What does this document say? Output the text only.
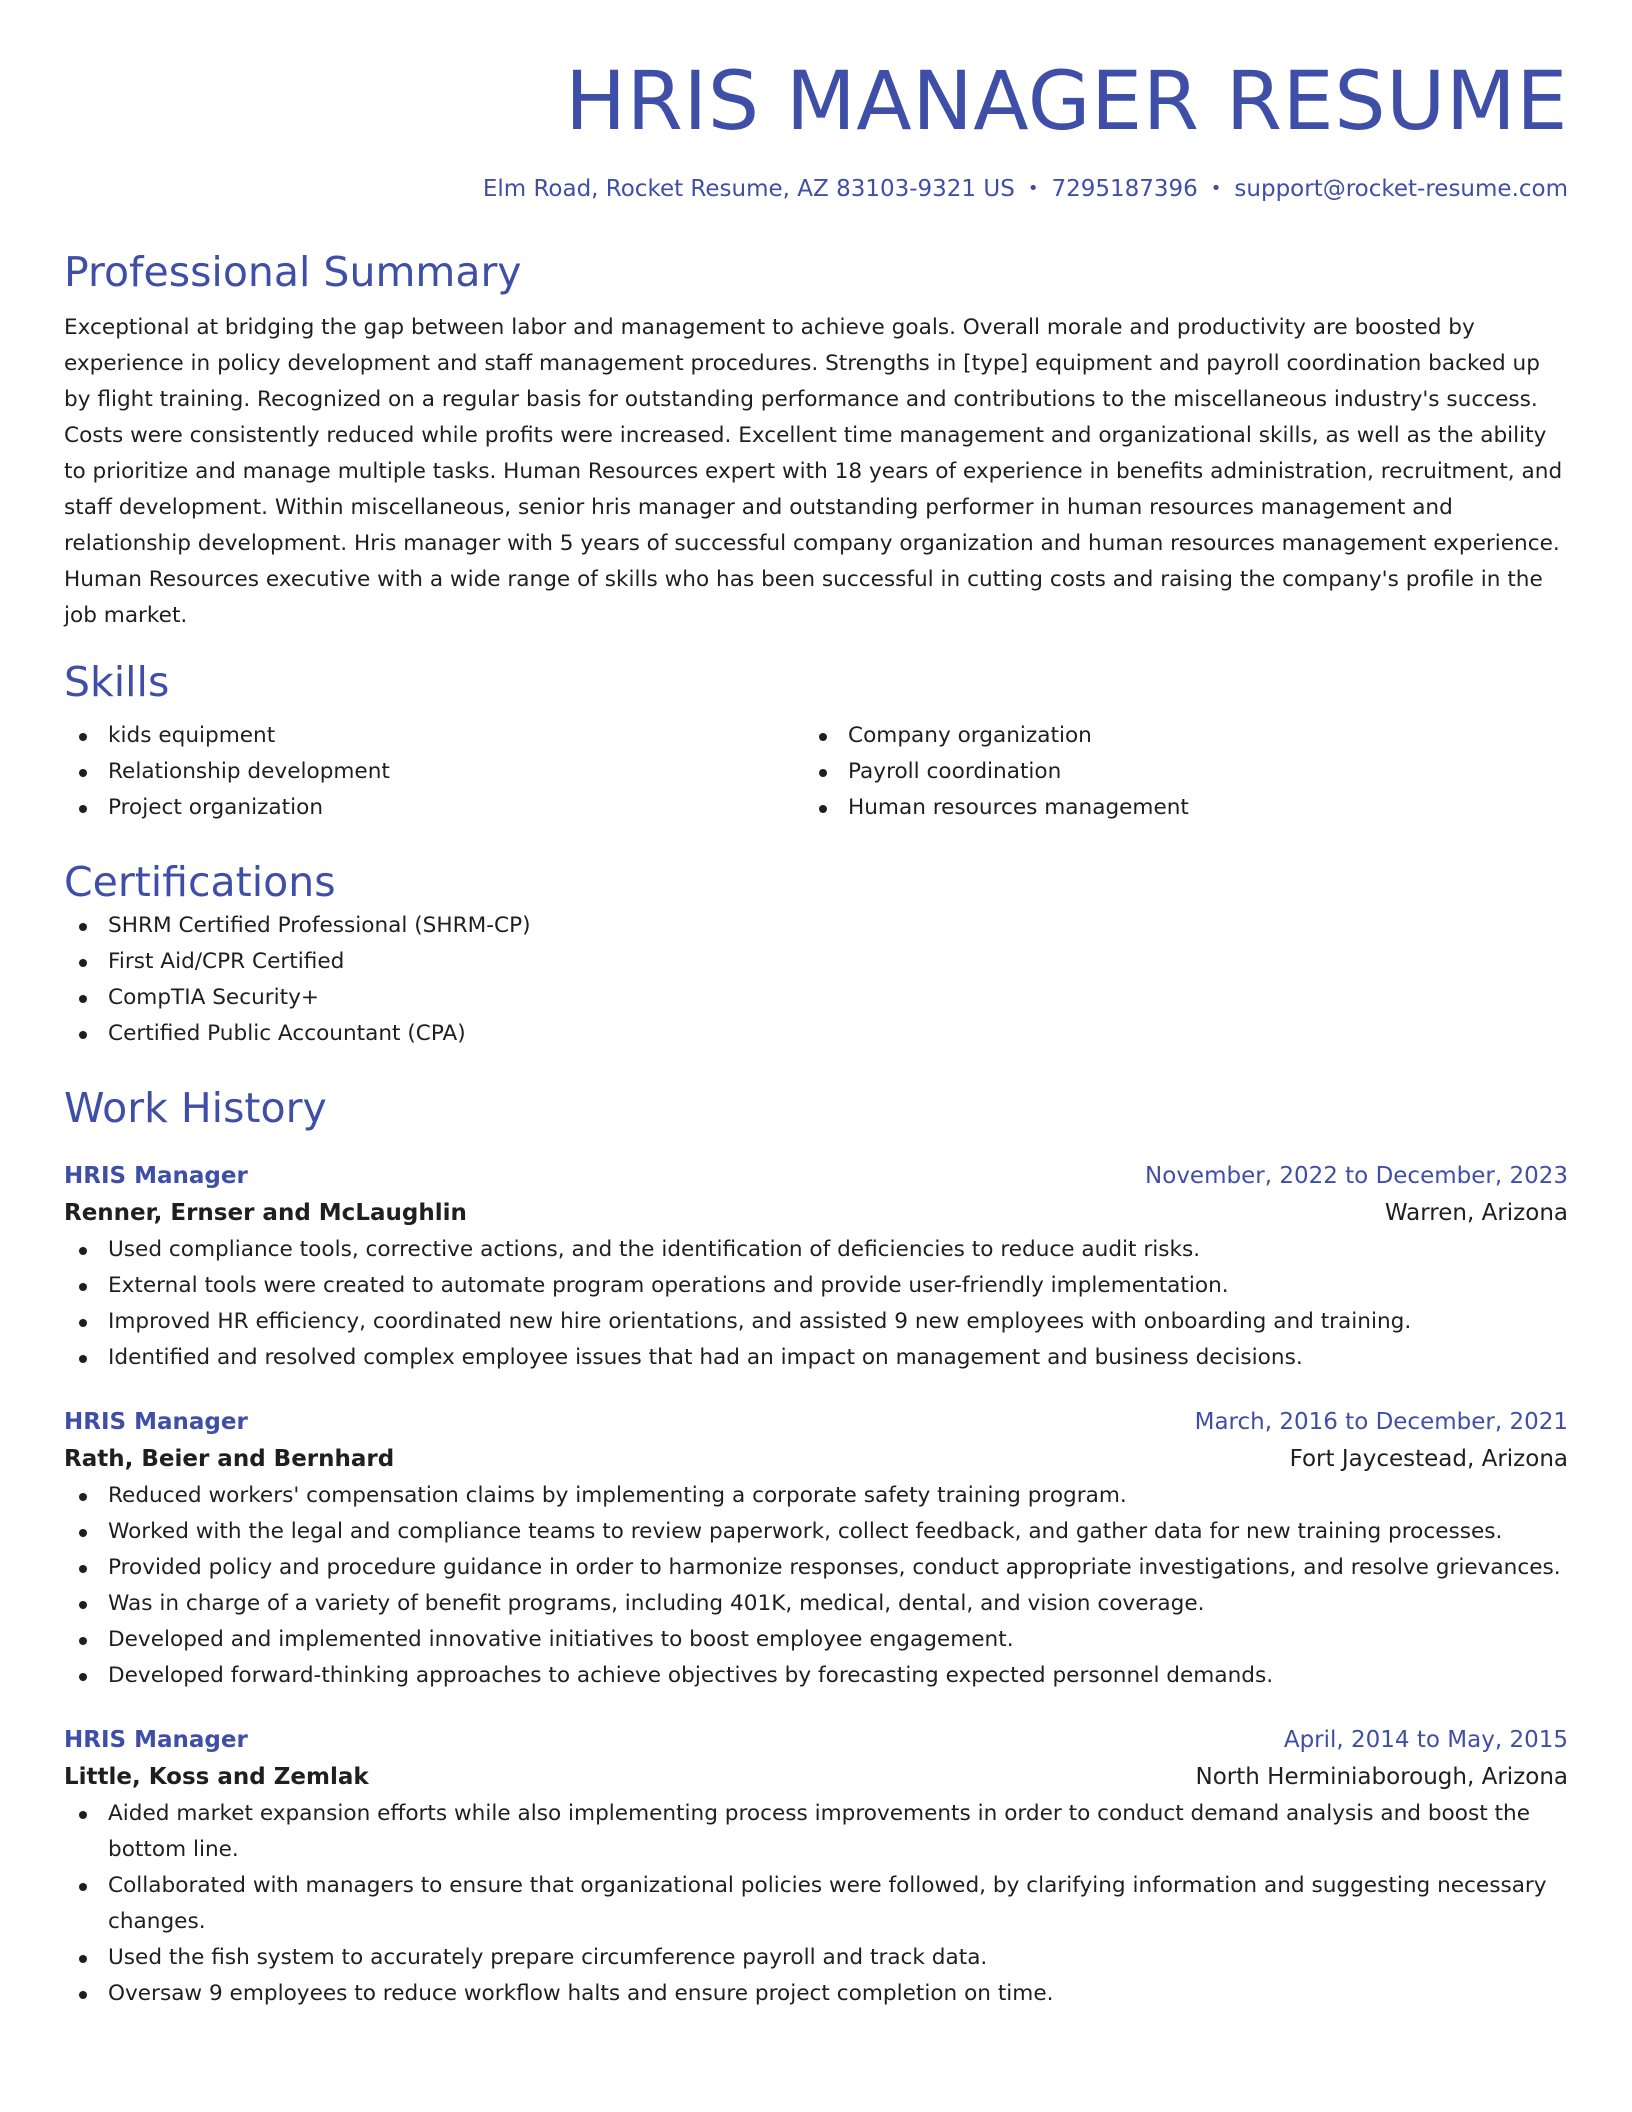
HRIS MANAGER RESUME
Elm Road, Rocket Resume, AZ 83103-9321 US • 7295187396 • support@rocket-resume.com
Professional Summary

Exceptional at bridging the gap between labor and management to achieve goals. Overall morale and productivity are boosted by experience in policy development and staff management procedures. Strengths in [type] equipment and payroll coordination backed up by flight training. Recognized on a regular basis for outstanding performance and contributions to the miscellaneous industry's success. Costs were consistently reduced while profits were increased. Excellent time management and organizational skills, as well as the ability to prioritize and manage multiple tasks. Human Resources expert with 18 years of experience in benefits administration, recruitment, and staff development. Within miscellaneous, senior hris manager and outstanding performer in human resources management and relationship development. Hris manager with 5 years of successful company organization and human resources management experience. Human Resources executive with a wide range of skills who has been successful in cutting costs and raising the company's profile in the job market.

Skills
kids equipment
Relationship development
Project organization
Company organization
Payroll coordination
Human resources management
Certifications
SHRM Certified Professional (SHRM-CP)
First Aid/CPR Certified
CompTIA Security+
Certified Public Accountant (CPA)
Work History
HRIS Manager	November, 2022 to December, 2023
Renner, Ernser and McLaughlin	Warren, Arizona
Used compliance tools, corrective actions, and the identification of deficiencies to reduce audit risks.
External tools were created to automate program operations and provide user-friendly implementation.
Improved HR efficiency, coordinated new hire orientations, and assisted 9 new employees with onboarding and training.
Identified and resolved complex employee issues that had an impact on management and business decisions.
HRIS Manager	March, 2016 to December, 2021
Rath, Beier and Bernhard	Fort Jaycestead, Arizona
Reduced workers' compensation claims by implementing a corporate safety training program.
Worked with the legal and compliance teams to review paperwork, collect feedback, and gather data for new training processes.
Provided policy and procedure guidance in order to harmonize responses, conduct appropriate investigations, and resolve grievances.
Was in charge of a variety of benefit programs, including 401K, medical, dental, and vision coverage.
Developed and implemented innovative initiatives to boost employee engagement.
Developed forward-thinking approaches to achieve objectives by forecasting expected personnel demands.
HRIS Manager	April, 2014 to May, 2015
Little, Koss and Zemlak	North Herminiaborough, Arizona
Aided market expansion efforts while also implementing process improvements in order to conduct demand analysis and boost the bottom line.
Collaborated with managers to ensure that organizational policies were followed, by clarifying information and suggesting necessary changes.
Used the fish system to accurately prepare circumference payroll and track data.
Oversaw 9 employees to reduce workflow halts and ensure project completion on time.
